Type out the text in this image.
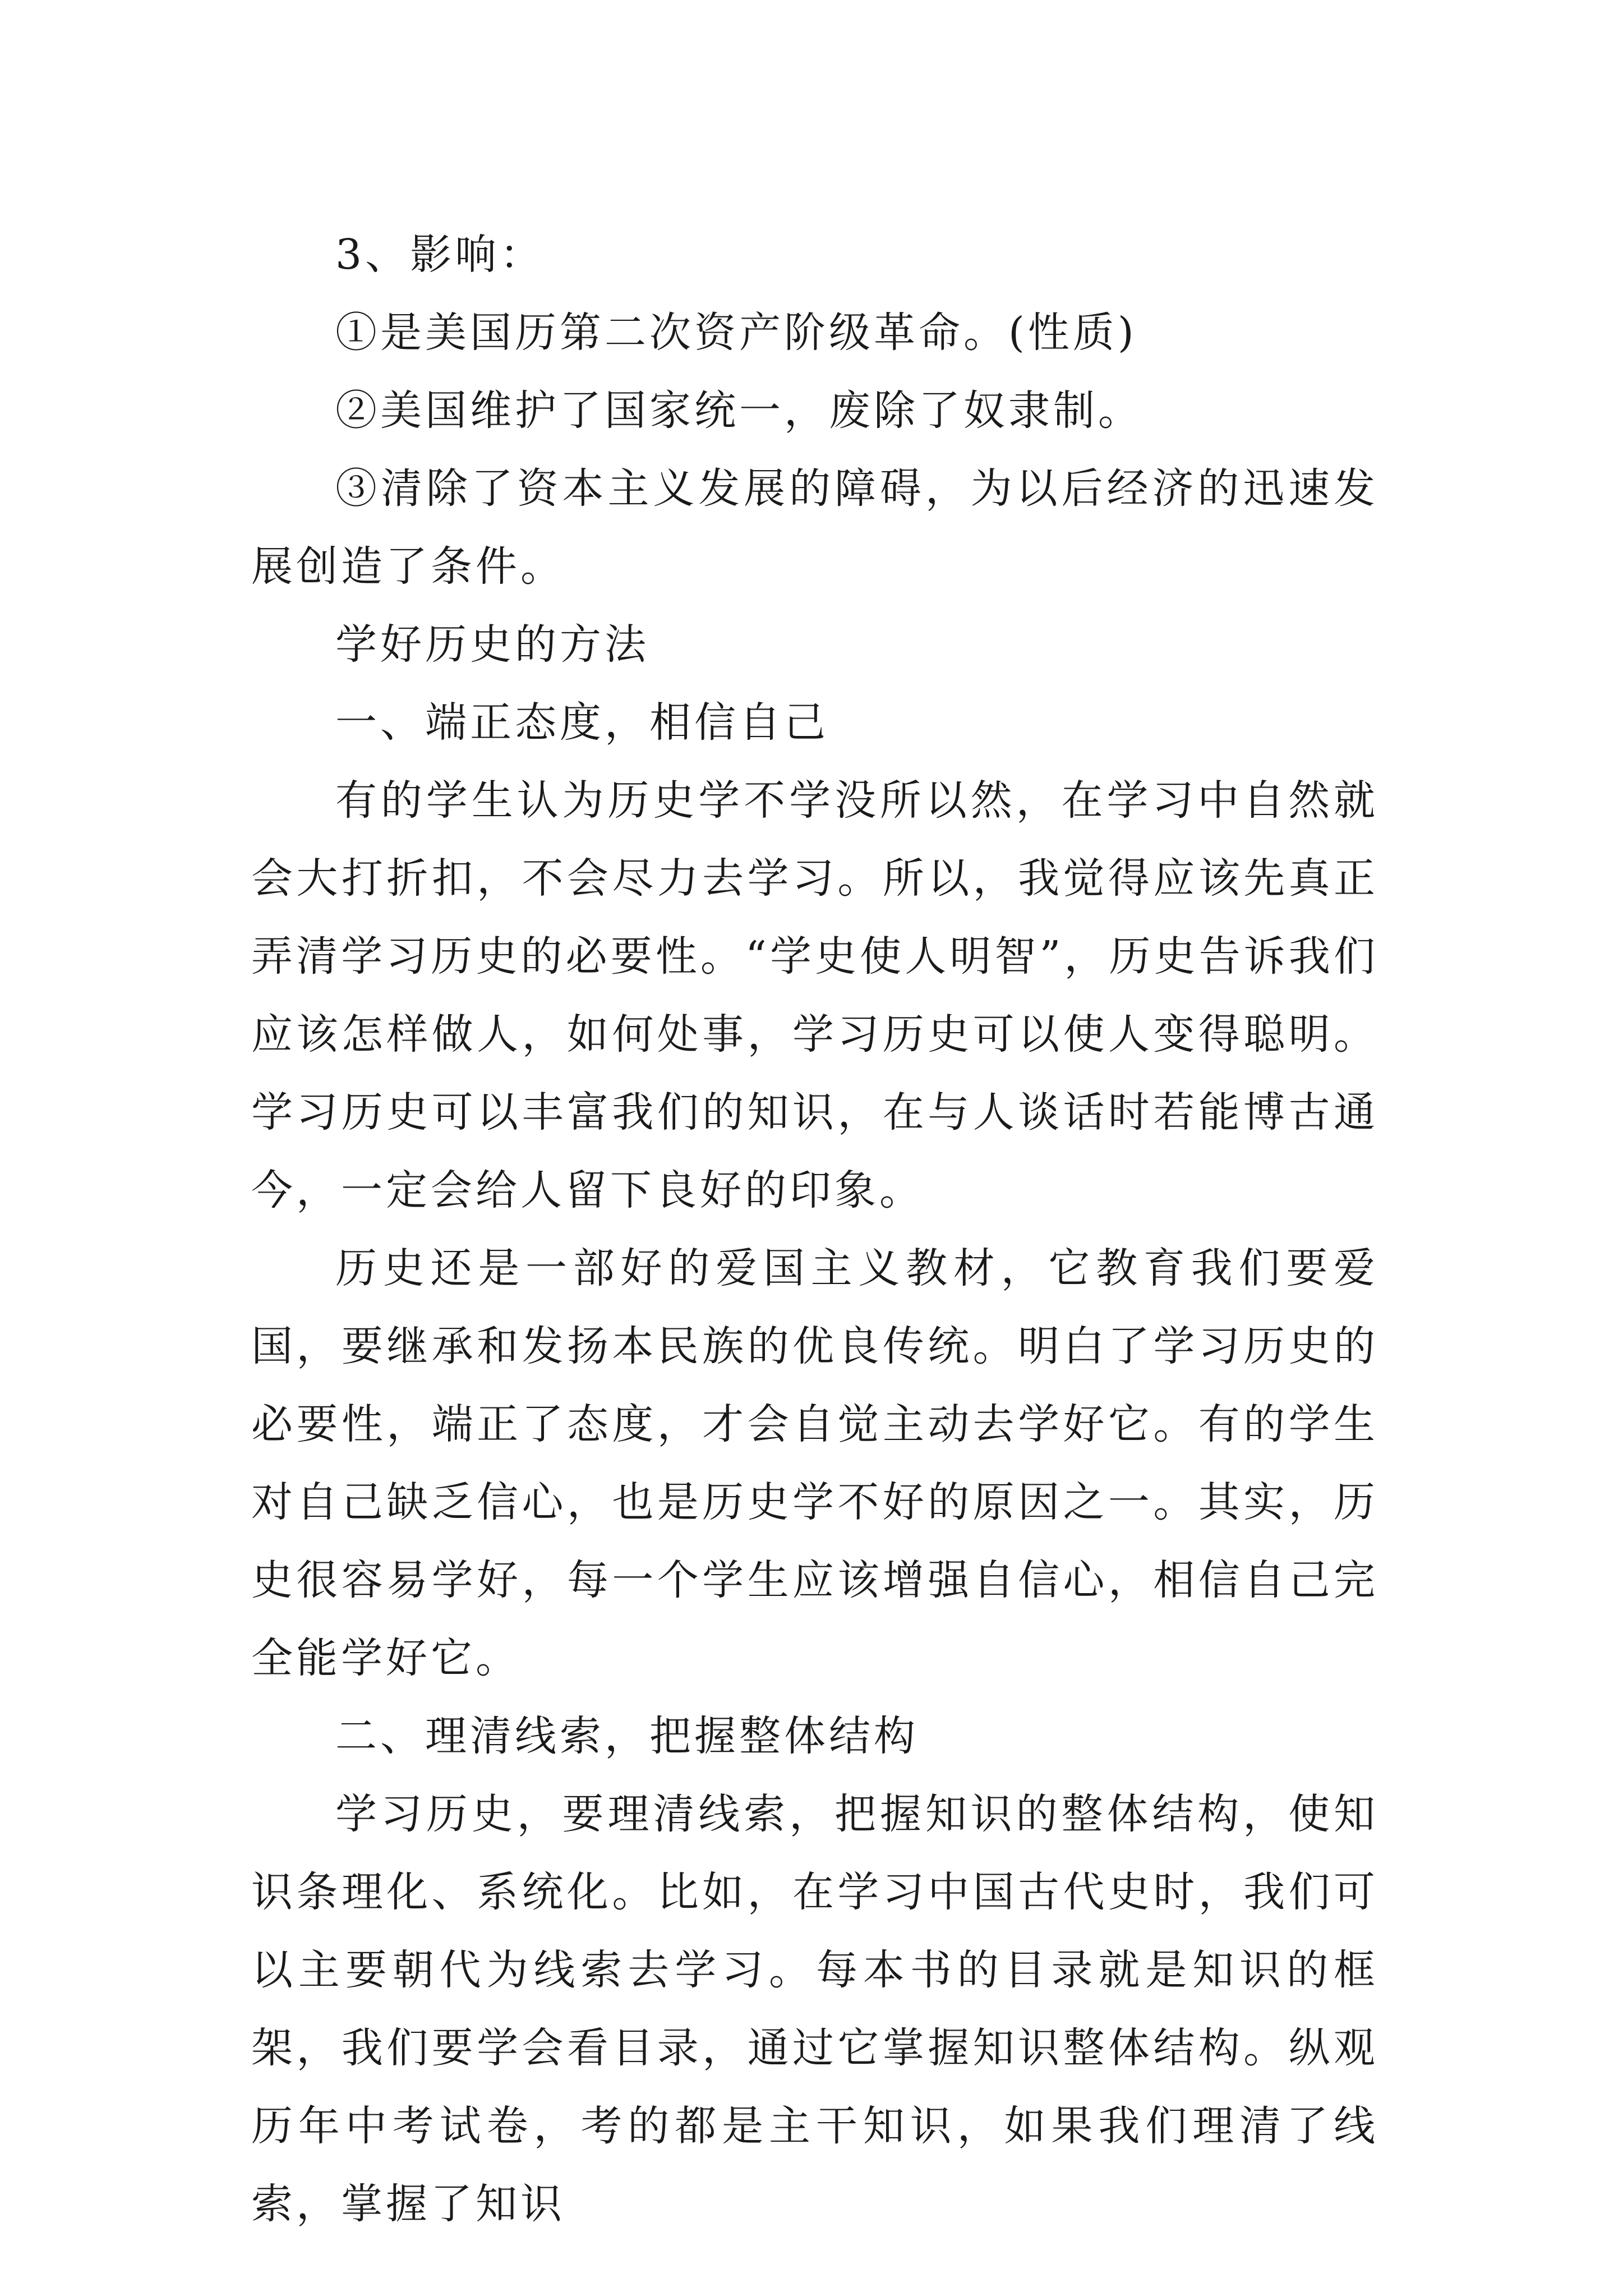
3、影响：

①是美国历第二次资产阶级革命。(性质)

②美国维护了国家统一，废除了奴隶制。

③清除了资本主义发展的障碍，为以后经济的迅速发展创造了条件。

学好历史的方法

一、端正态度，相信自己

有的学生认为历史学不学没所以然，在学习中自然就会大打折扣，不会尽力去学习。所以，我觉得应该先真正弄清学习历史的必要性。“学史使人明智”，历史告诉我们应该怎样做人，如何处事，学习历史可以使人变得聪明。学习历史可以丰富我们的知识，在与人谈话时若能博古通今，一定会给人留下良好的印象。

历史还是一部好的爱国主义教材，它教育我们要爱国，要继承和发扬本民族的优良传统。明白了学习历史的必要性，端正了态度，才会自觉主动去学好它。有的学生对自己缺乏信心，也是历史学不好的原因之一。其实，历史很容易学好，每一个学生应该增强自信心，相信自己完全能学好它。

二、理清线索，把握整体结构

学习历史，要理清线索，把握知识的整体结构，使知识条理化、系统化。比如，在学习中国古代史时，我们可以主要朝代为线索去学习。每本书的目录就是知识的框架，我们要学会看目录，通过它掌握知识整体结构。纵观历年中考试卷，考的都是主干知识，如果我们理清了线索，掌握了知识
